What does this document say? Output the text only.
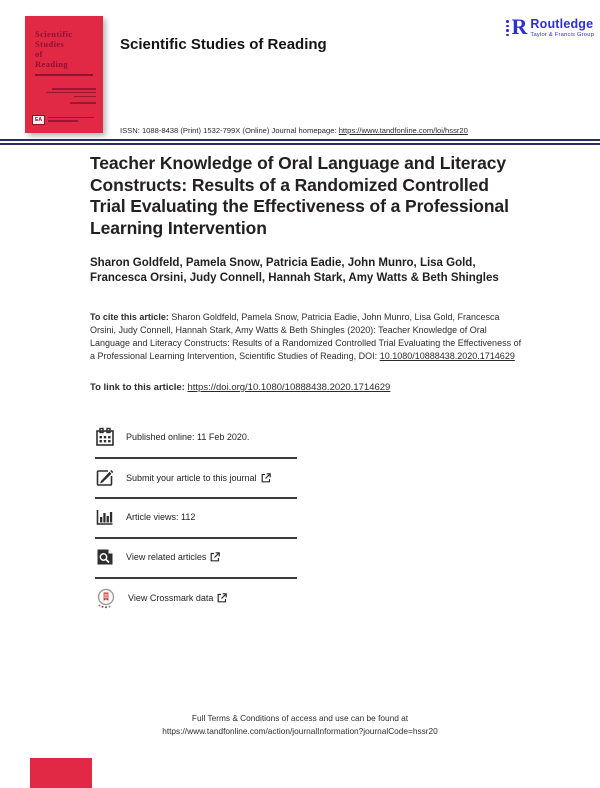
Scientific
Studies
of
Reading
EA
Scientific Studies of Reading
R Routledge
Taylor & Francis Group
ISSN: 1088-8438 (Print) 1532-799X (Online) Journal homepage: https://www.tandfonline.com/loi/hssr20
Teacher Knowledge of Oral Language and Literacy Constructs: Results of a Randomized Controlled Trial Evaluating the Effectiveness of a Professional Learning Intervention
Sharon Goldfeld, Pamela Snow, Patricia Eadie, John Munro, Lisa Gold, Francesca Orsini, Judy Connell, Hannah Stark, Amy Watts & Beth Shingles

To cite this article: Sharon Goldfeld, Pamela Snow, Patricia Eadie, John Munro, Lisa Gold, Francesca Orsini, Judy Connell, Hannah Stark, Amy Watts & Beth Shingles (2020): Teacher Knowledge of Oral Language and Literacy Constructs: Results of a Randomized Controlled Trial Evaluating the Effectiveness of a Professional Learning Intervention, Scientific Studies of Reading, DOI: 10.1080/10888438.2020.1714629

To link to this article: https://doi.org/10.1080/10888438.2020.1714629

Published online: 11 Feb 2020.
Submit your article to this journal
Article views: 112
View related articles
View Crossmark data
Full Terms & Conditions of access and use can be found at
https://www.tandfonline.com/action/journalInformation?journalCode=hssr20
